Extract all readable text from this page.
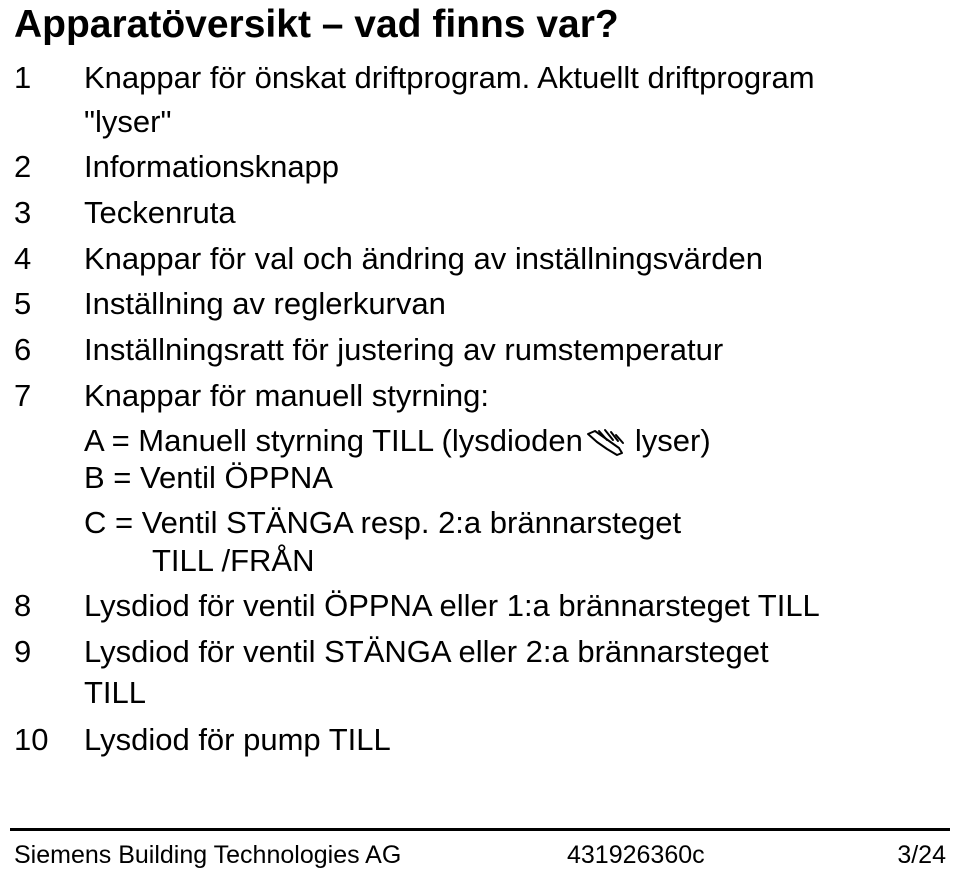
Apparatöversikt – vad finns var?
1 Knappar för önskat driftprogram. Aktuellt driftprogram
"lyser"
2 Informationsknapp
3 Teckenruta
4 Knappar för val och ändring av inställningsvärden
5 Inställning av reglerkurvan
6 Inställningsratt för justering av rumstemperatur
7 Knappar för manuell styrning:
A = Manuell styrning TILL (lysdioden lyser)
B = Ventil ÖPPNA
C = Ventil STÄNGA resp. 2:a brännarsteget
TILL /FRÅN
8 Lysdiod för ventil ÖPPNA eller 1:a brännarsteget TILL
9 Lysdiod för ventil STÄNGA eller 2:a brännarsteget
TILL
10 Lysdiod för pump TILL
Siemens Building Technologies AG	431926360c	3/24
